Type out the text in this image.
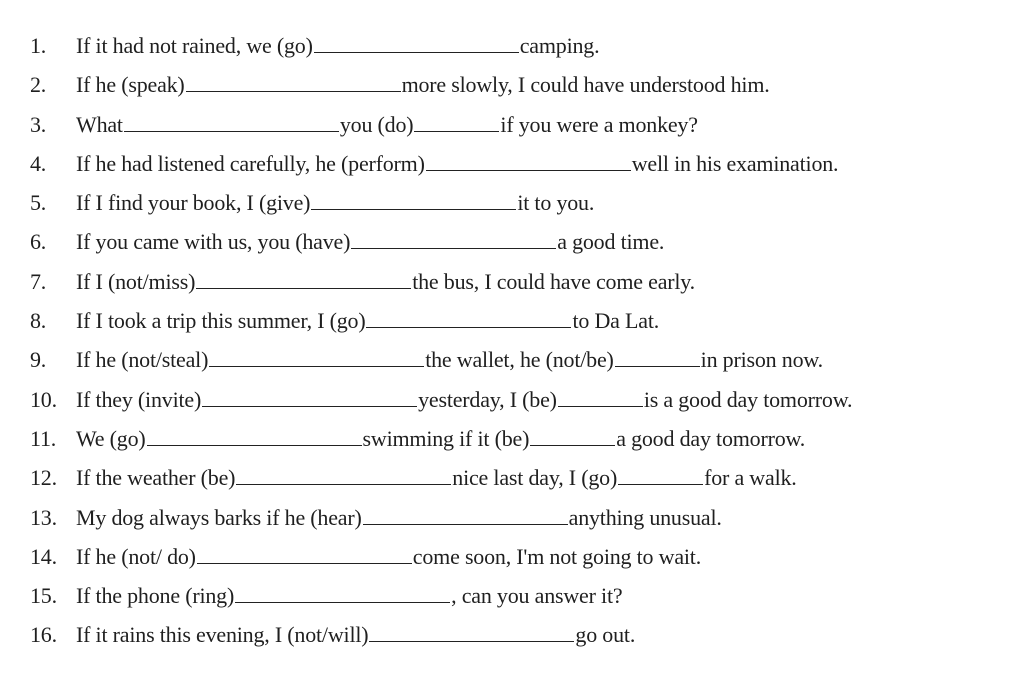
1.	If it had not rained, we (go)	camping.
2.	If he (speak)	more slowly, I could have understood him.
3.	What	you (do)	if you were a monkey?
4.	If he had listened carefully, he (perform)	well in his examination.
5.	If I find your book, I (give)	it to you.
6.	If you came with us, you (have)	a good time.
7.	If I (not/miss)	the bus, I could have come early.
8.	If I took a trip this summer, I (go)	to Da Lat.
9.	If he (not/steal)	the wallet, he (not/be)	in prison now.
10. If they (invite)	yesterday, I (be)	is a good day tomorrow.
11. We (go)	swimming if it (be)	a good day tomorrow.
12. If the weather (be)	nice last day, I (go)	for a walk.
13. My dog always barks if he (hear)	anything unusual.
14. If he (not/ do)	come soon, I'm not going to wait.
15. If the phone (ring)	, can you answer it?
16. If it rains this evening, I (not/will)	go out.
